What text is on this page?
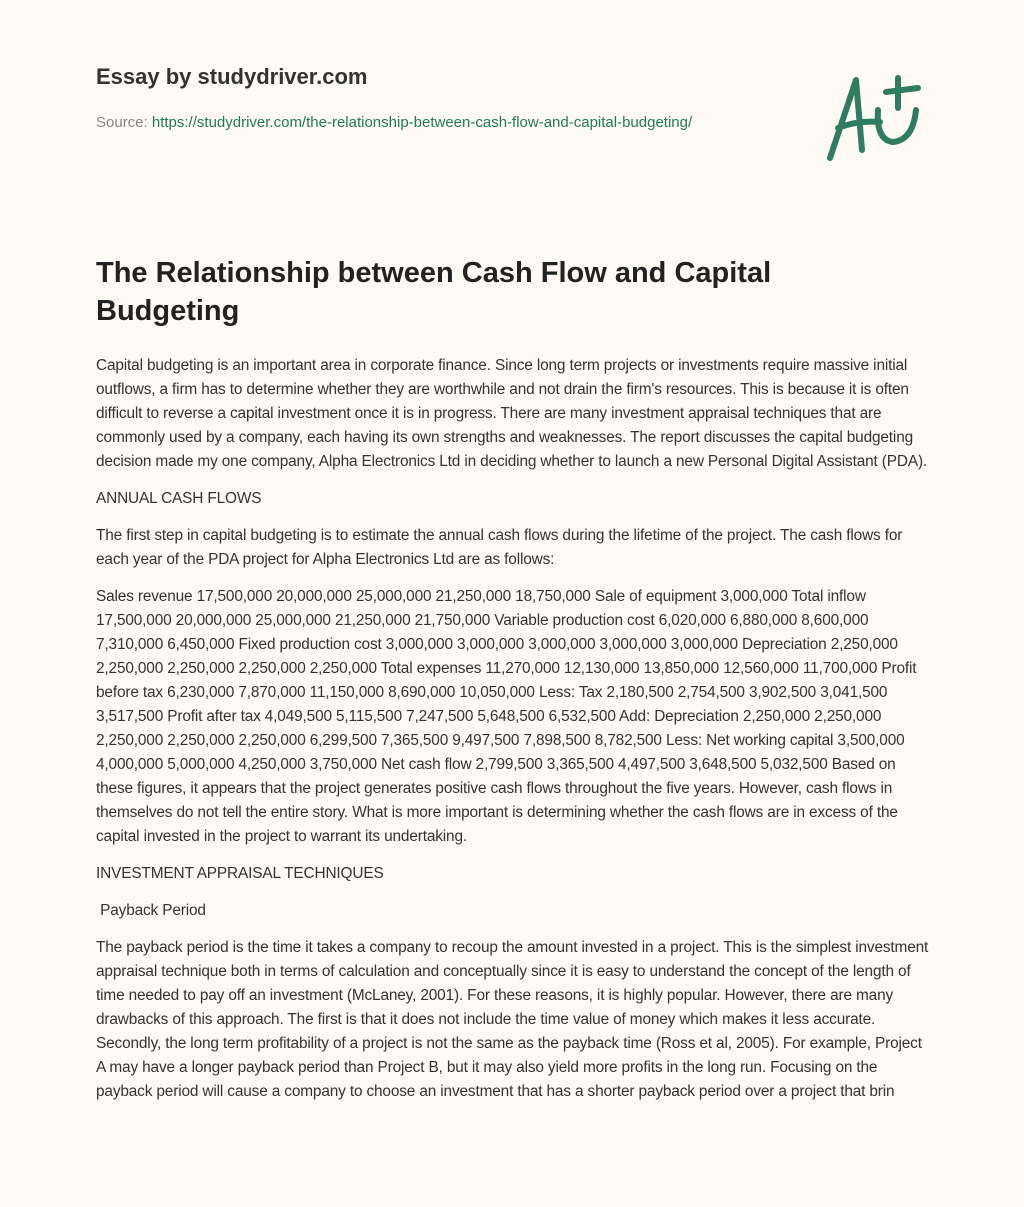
Essay by studydriver.com
Source: https://studydriver.com/the-relationship-between-cash-flow-and-capital-budgeting/
The Relationship between Cash Flow and Capital Budgeting

Capital budgeting is an important area in corporate finance. Since long term projects or investments require massive initial outflows, a firm has to determine whether they are worthwhile and not drain the firm's resources. This is because it is often difficult to reverse a capital investment once it is in progress. There are many investment appraisal techniques that are commonly used by a company, each having its own strengths and weaknesses. The report discusses the capital budgeting decision made my one company, Alpha Electronics Ltd in deciding whether to launch a new Personal Digital Assistant (PDA).

ANNUAL CASH FLOWS

The first step in capital budgeting is to estimate the annual cash flows during the lifetime of the project. The cash flows for each year of the PDA project for Alpha Electronics Ltd are as follows:

Sales revenue 17,500,000 20,000,000 25,000,000 21,250,000 18,750,000 Sale of equipment 3,000,000 Total inflow 17,500,000 20,000,000 25,000,000 21,250,000 21,750,000 Variable production cost 6,020,000 6,880,000 8,600,000 7,310,000 6,450,000 Fixed production cost 3,000,000 3,000,000 3,000,000 3,000,000 3,000,000 Depreciation 2,250,000 2,250,000 2,250,000 2,250,000 2,250,000 Total expenses 11,270,000 12,130,000 13,850,000 12,560,000 11,700,000 Profit before tax 6,230,000 7,870,000 11,150,000 8,690,000 10,050,000 Less: Tax 2,180,500 2,754,500 3,902,500 3,041,500 3,517,500 Profit after tax 4,049,500 5,115,500 7,247,500 5,648,500 6,532,500 Add: Depreciation 2,250,000 2,250,000 2,250,000 2,250,000 2,250,000 6,299,500 7,365,500 9,497,500 7,898,500 8,782,500 Less: Net working capital 3,500,000 4,000,000 5,000,000 4,250,000 3,750,000 Net cash flow 2,799,500 3,365,500 4,497,500 3,648,500 5,032,500 Based on these figures, it appears that the project generates positive cash flows throughout the five years. However, cash flows in themselves do not tell the entire story. What is more important is determining whether the cash flows are in excess of the capital invested in the project to warrant its undertaking.

INVESTMENT APPRAISAL TECHNIQUES

Payback Period

The payback period is the time it takes a company to recoup the amount invested in a project. This is the simplest investment appraisal technique both in terms of calculation and conceptually since it is easy to understand the concept of the length of time needed to pay off an investment (McLaney, 2001). For these reasons, it is highly popular. However, there are many drawbacks of this approach. The first is that it does not include the time value of money which makes it less accurate. Secondly, the long term profitability of a project is not the same as the payback time (Ross et al, 2005). For example, Project A may have a longer payback period than Project B, but it may also yield more profits in the long run. Focusing on the payback period will cause a company to choose an investment that has a shorter payback period over a project that brin
